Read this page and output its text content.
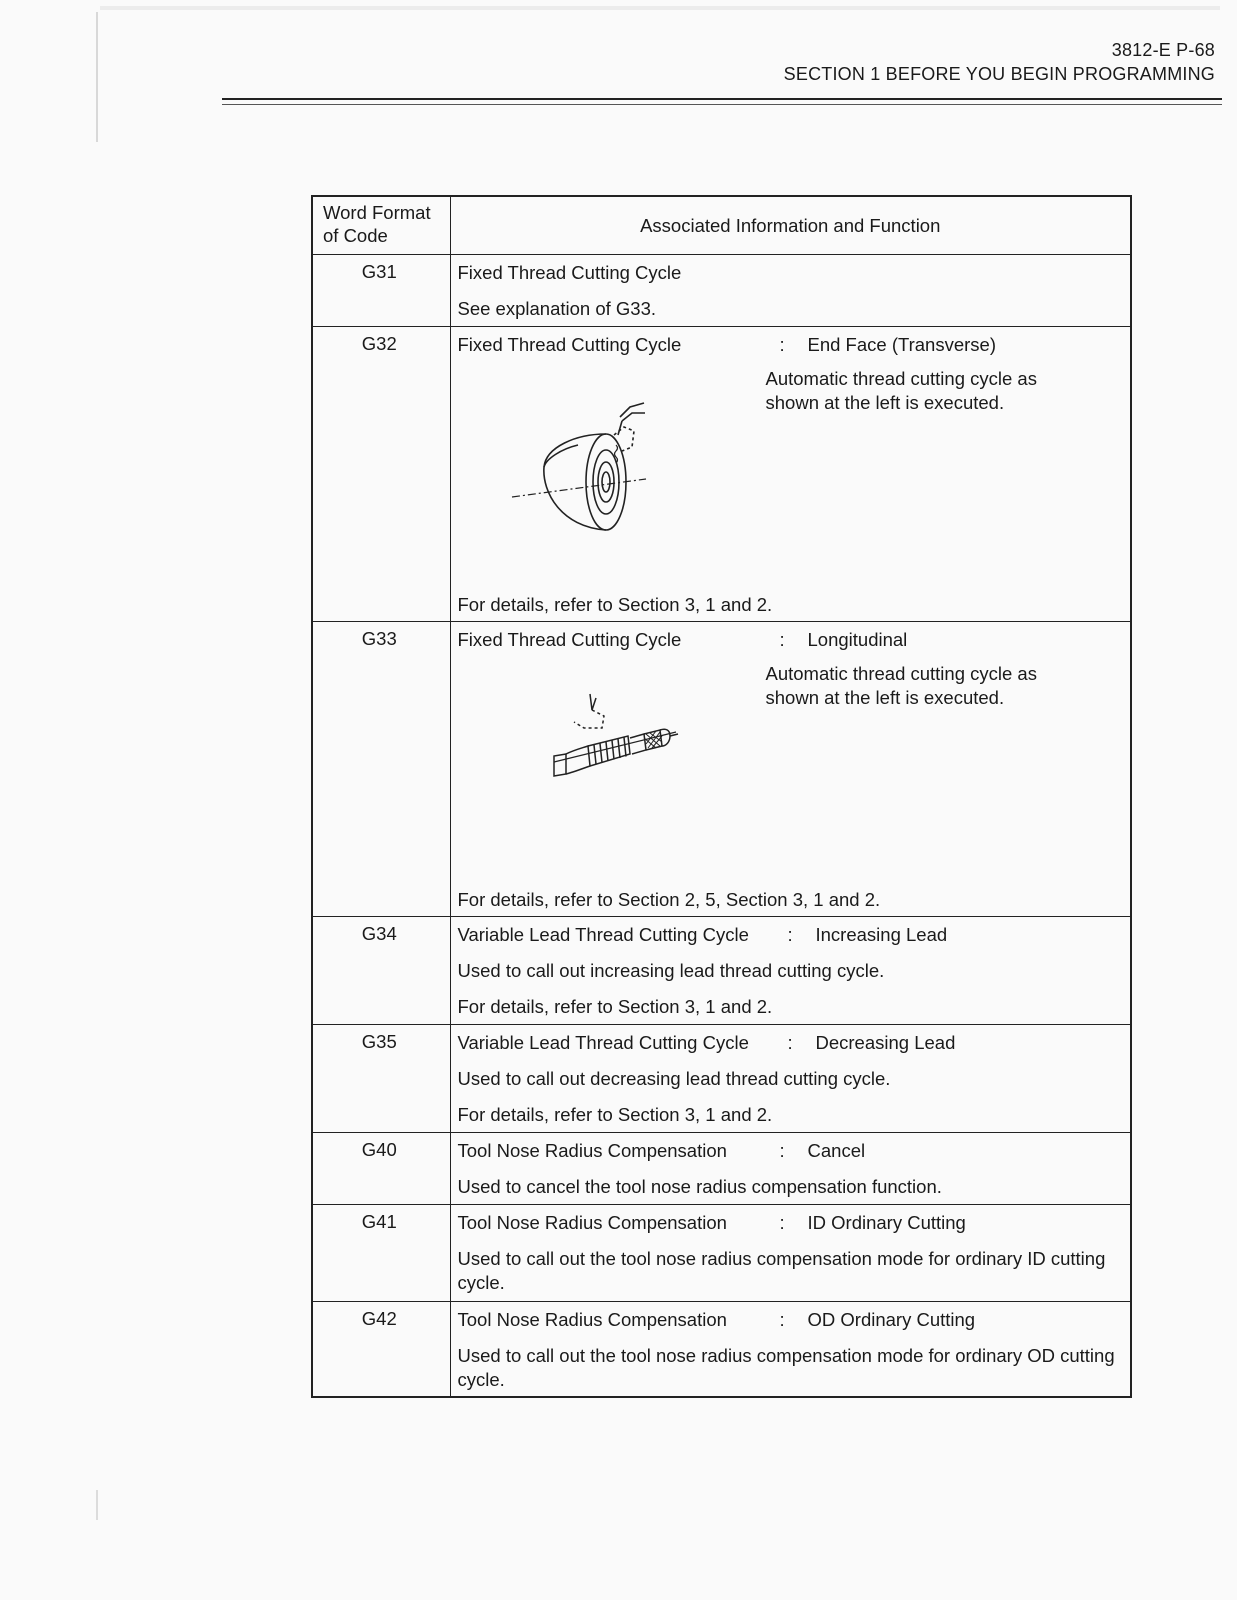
3812-E P-68
SECTION 1 BEFORE YOU BEGIN PROGRAMMING
Word Format
of Code	Associated Information and Function
G31	Fixed Thread Cutting Cycle
See explanation of G33.

G32	Fixed Thread Cutting Cycle : End Face (Transverse)
Automatic thread cutting cycle as shown at the left is executed.
For details, refer to Section 3, 1 and 2.

G33	Fixed Thread Cutting Cycle : Longitudinal
Automatic thread cutting cycle as shown at the left is executed.
For details, refer to Section 2, 5, Section 3, 1 and 2.

G34	Variable Lead Thread Cutting Cycle : Increasing Lead
Used to call out increasing lead thread cutting cycle.
For details, refer to Section 3, 1 and 2.

G35	Variable Lead Thread Cutting Cycle : Decreasing Lead
Used to call out decreasing lead thread cutting cycle.
For details, refer to Section 3, 1 and 2.

G40	Tool Nose Radius Compensation : Cancel
Used to cancel the tool nose radius compensation function.

G41	Tool Nose Radius Compensation : ID Ordinary Cutting
Used to call out the tool nose radius compensation mode for ordinary ID cutting cycle.

G42	Tool Nose Radius Compensation : OD Ordinary Cutting
Used to call out the tool nose radius compensation mode for ordinary OD cutting cycle.
